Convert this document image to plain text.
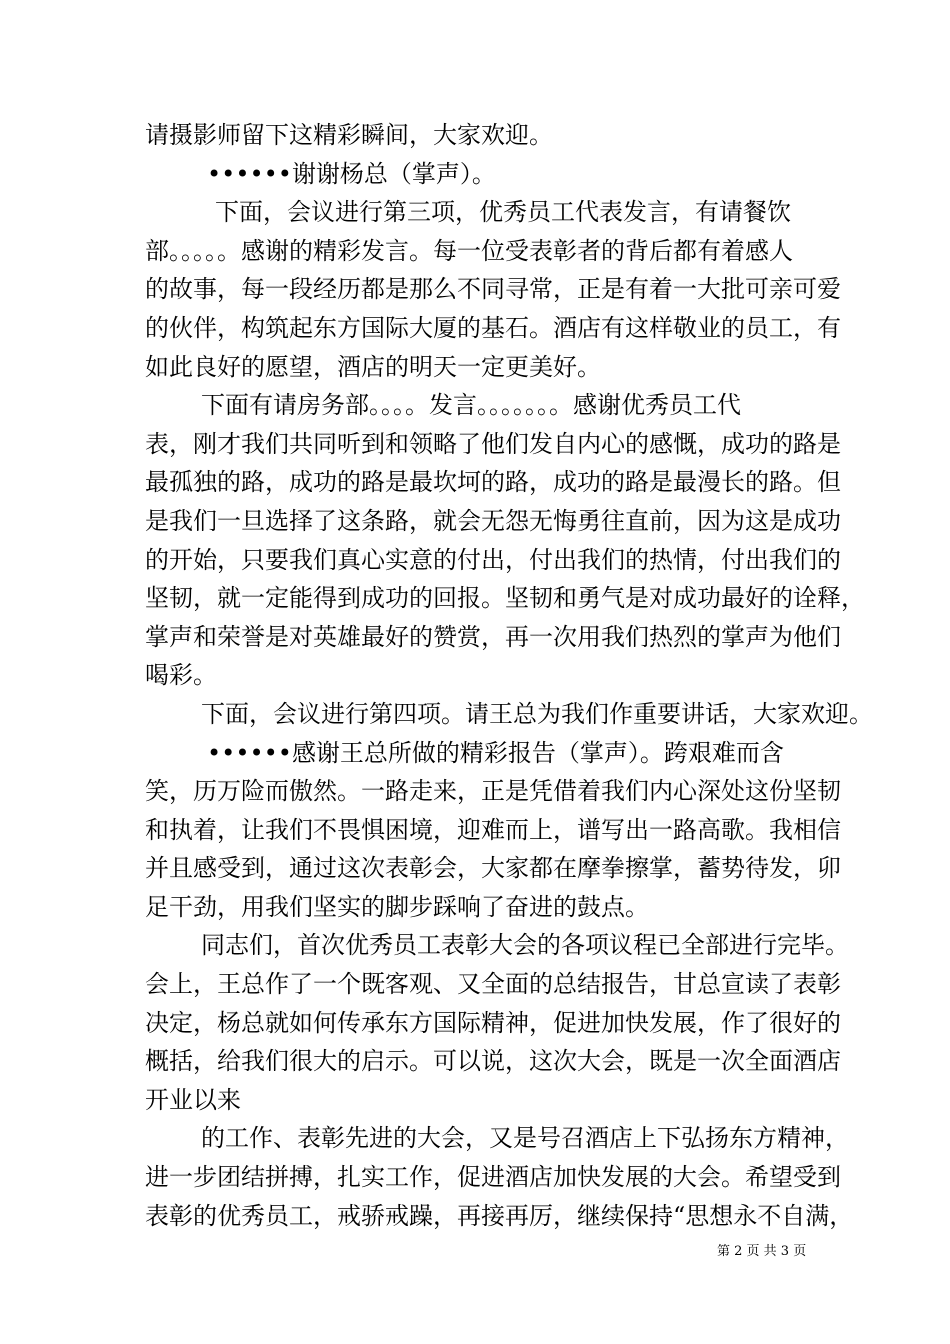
请摄影师留下这精彩瞬间，大家欢迎。
••••••谢谢杨总（掌声）。
下面，会议进行第三项，优秀员工代表发言，有请餐饮
部。。。。。感谢的精彩发言。每一位受表彰者的背后都有着感人
的故事，每一段经历都是那么不同寻常，正是有着一大批可亲可爱
的伙伴，构筑起东方国际大厦的基石。酒店有这样敬业的员工，有
如此良好的愿望，酒店的明天一定更美好。
下面有请房务部。。。。发言。。。。。。。感谢优秀员工代
表，刚才我们共同听到和领略了他们发自内心的感慨，成功的路是
最孤独的路，成功的路是最坎坷的路，成功的路是最漫长的路。但
是我们一旦选择了这条路，就会无怨无悔勇往直前，因为这是成功
的开始，只要我们真心实意的付出，付出我们的热情，付出我们的
坚韧，就一定能得到成功的回报。坚韧和勇气是对成功最好的诠释，
掌声和荣誉是对英雄最好的赞赏，再一次用我们热烈的掌声为他们
喝彩。
下面，会议进行第四项。请王总为我们作重要讲话，大家欢迎。
••••••感谢王总所做的精彩报告（掌声）。跨艰难而含
笑，历万险而傲然。一路走来，正是凭借着我们内心深处这份坚韧
和执着，让我们不畏惧困境，迎难而上，谱写出一路高歌。我相信
并且感受到，通过这次表彰会，大家都在摩拳擦掌，蓄势待发，卯
足干劲，用我们坚实的脚步踩响了奋进的鼓点。
同志们，首次优秀员工表彰大会的各项议程已全部进行完毕。
会上，王总作了一个既客观、又全面的总结报告，甘总宣读了表彰
决定，杨总就如何传承东方国际精神，促进加快发展，作了很好的
概括，给我们很大的启示。可以说，这次大会，既是一次全面酒店
开业以来
的工作、表彰先进的大会，又是号召酒店上下弘扬东方精神，
进一步团结拼搏，扎实工作，促进酒店加快发展的大会。希望受到
表彰的优秀员工，戒骄戒躁，再接再厉，继续保持“思想永不自满，
第 2 页 共 3 页
